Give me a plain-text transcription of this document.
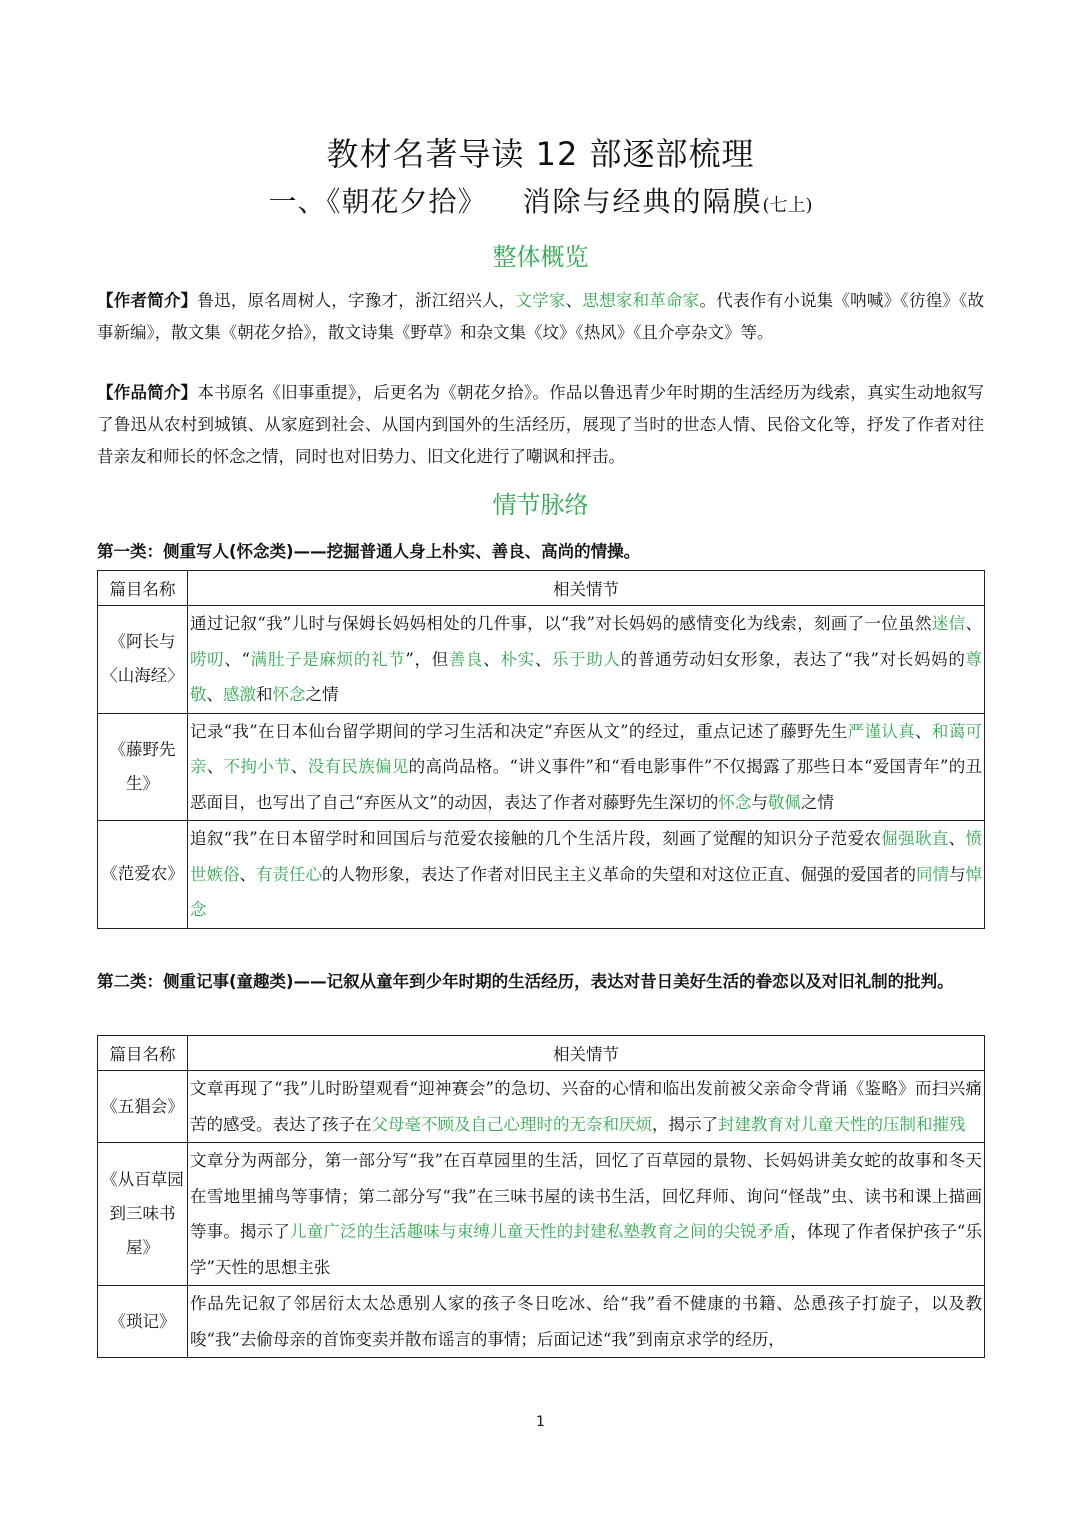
教材名著导读 12 部逐部梳理
一、《朝花夕拾》 消除与经典的隔膜(七上)
整体概览

【作者简介】鲁迅，原名周树人，字豫才，浙江绍兴人，文学家、思想家和革命家。代表作有小说集《呐喊》《彷徨》《故事新编》，散文集《朝花夕拾》，散文诗集《野草》和杂文集《坟》《热风》《且介亭杂文》等。

【作品简介】本书原名《旧事重提》，后更名为《朝花夕拾》。作品以鲁迅青少年时期的生活经历为线索，真实生动地叙写了鲁迅从农村到城镇、从家庭到社会、从国内到国外的生活经历，展现了当时的世态人情、民俗文化等，抒发了作者对往昔亲友和师长的怀念之情，同时也对旧势力、旧文化进行了嘲讽和抨击。

情节脉络

第一类：侧重写人(怀念类)——挖掘普通人身上朴实、善良、高尚的情操。

篇目名称	相关情节
《阿长与〈山海经〉	通过记叙“我”儿时与保姆长妈妈相处的几件事，以“我”对长妈妈的感情变化为线索，刻画了一位虽然迷信、唠叨、“满肚子是麻烦的礼节”，但善良、朴实、乐于助人的普通劳动妇女形象，表达了“我”对长妈妈的尊敬、感激和怀念之情
《藤野先生》	记录“我”在日本仙台留学期间的学习生活和决定“弃医从文”的经过，重点记述了藤野先生严谨认真、和蔼可亲、不拘小节、没有民族偏见的高尚品格。“讲义事件”和“看电影事件”不仅揭露了那些日本“爱国青年”的丑恶面目，也写出了自己“弃医从文”的动因，表达了作者对藤野先生深切的怀念与敬佩之情
《范爱农》	追叙“我”在日本留学时和回国后与范爱农接触的几个生活片段，刻画了觉醒的知识分子范爱农倔强耿直、愤世嫉俗、有责任心的人物形象，表达了作者对旧民主主义革命的失望和对这位正直、倔强的爱国者的同情与悼念

第二类：侧重记事(童趣类)——记叙从童年到少年时期的生活经历，表达对昔日美好生活的眷恋以及对旧礼制的批判。

篇目名称	相关情节
《五猖会》	文章再现了“我”儿时盼望观看“迎神赛会”的急切、兴奋的心情和临出发前被父亲命令背诵《鉴略》而扫兴痛苦的感受。表达了孩子在父母毫不顾及自己心理时的无奈和厌烦，揭示了封建教育对儿童天性的压制和摧残
《从百草园到三味书屋》	文章分为两部分，第一部分写“我”在百草园里的生活，回忆了百草园的景物、长妈妈讲美女蛇的故事和冬天在雪地里捕鸟等事情；第二部分写“我”在三味书屋的读书生活，回忆拜师、询问“怪哉”虫、读书和课上描画等事。揭示了儿童广泛的生活趣味与束缚儿童天性的封建私塾教育之间的尖锐矛盾，体现了作者保护孩子“乐学”天性的思想主张
《琐记》	作品先记叙了邻居衍太太怂恿别人家的孩子冬日吃冰、给“我”看不健康的书籍、怂恿孩子打旋子，以及教唆“我”去偷母亲的首饰变卖并散布谣言的事情；后面记述“我”到南京求学的经历，
1
